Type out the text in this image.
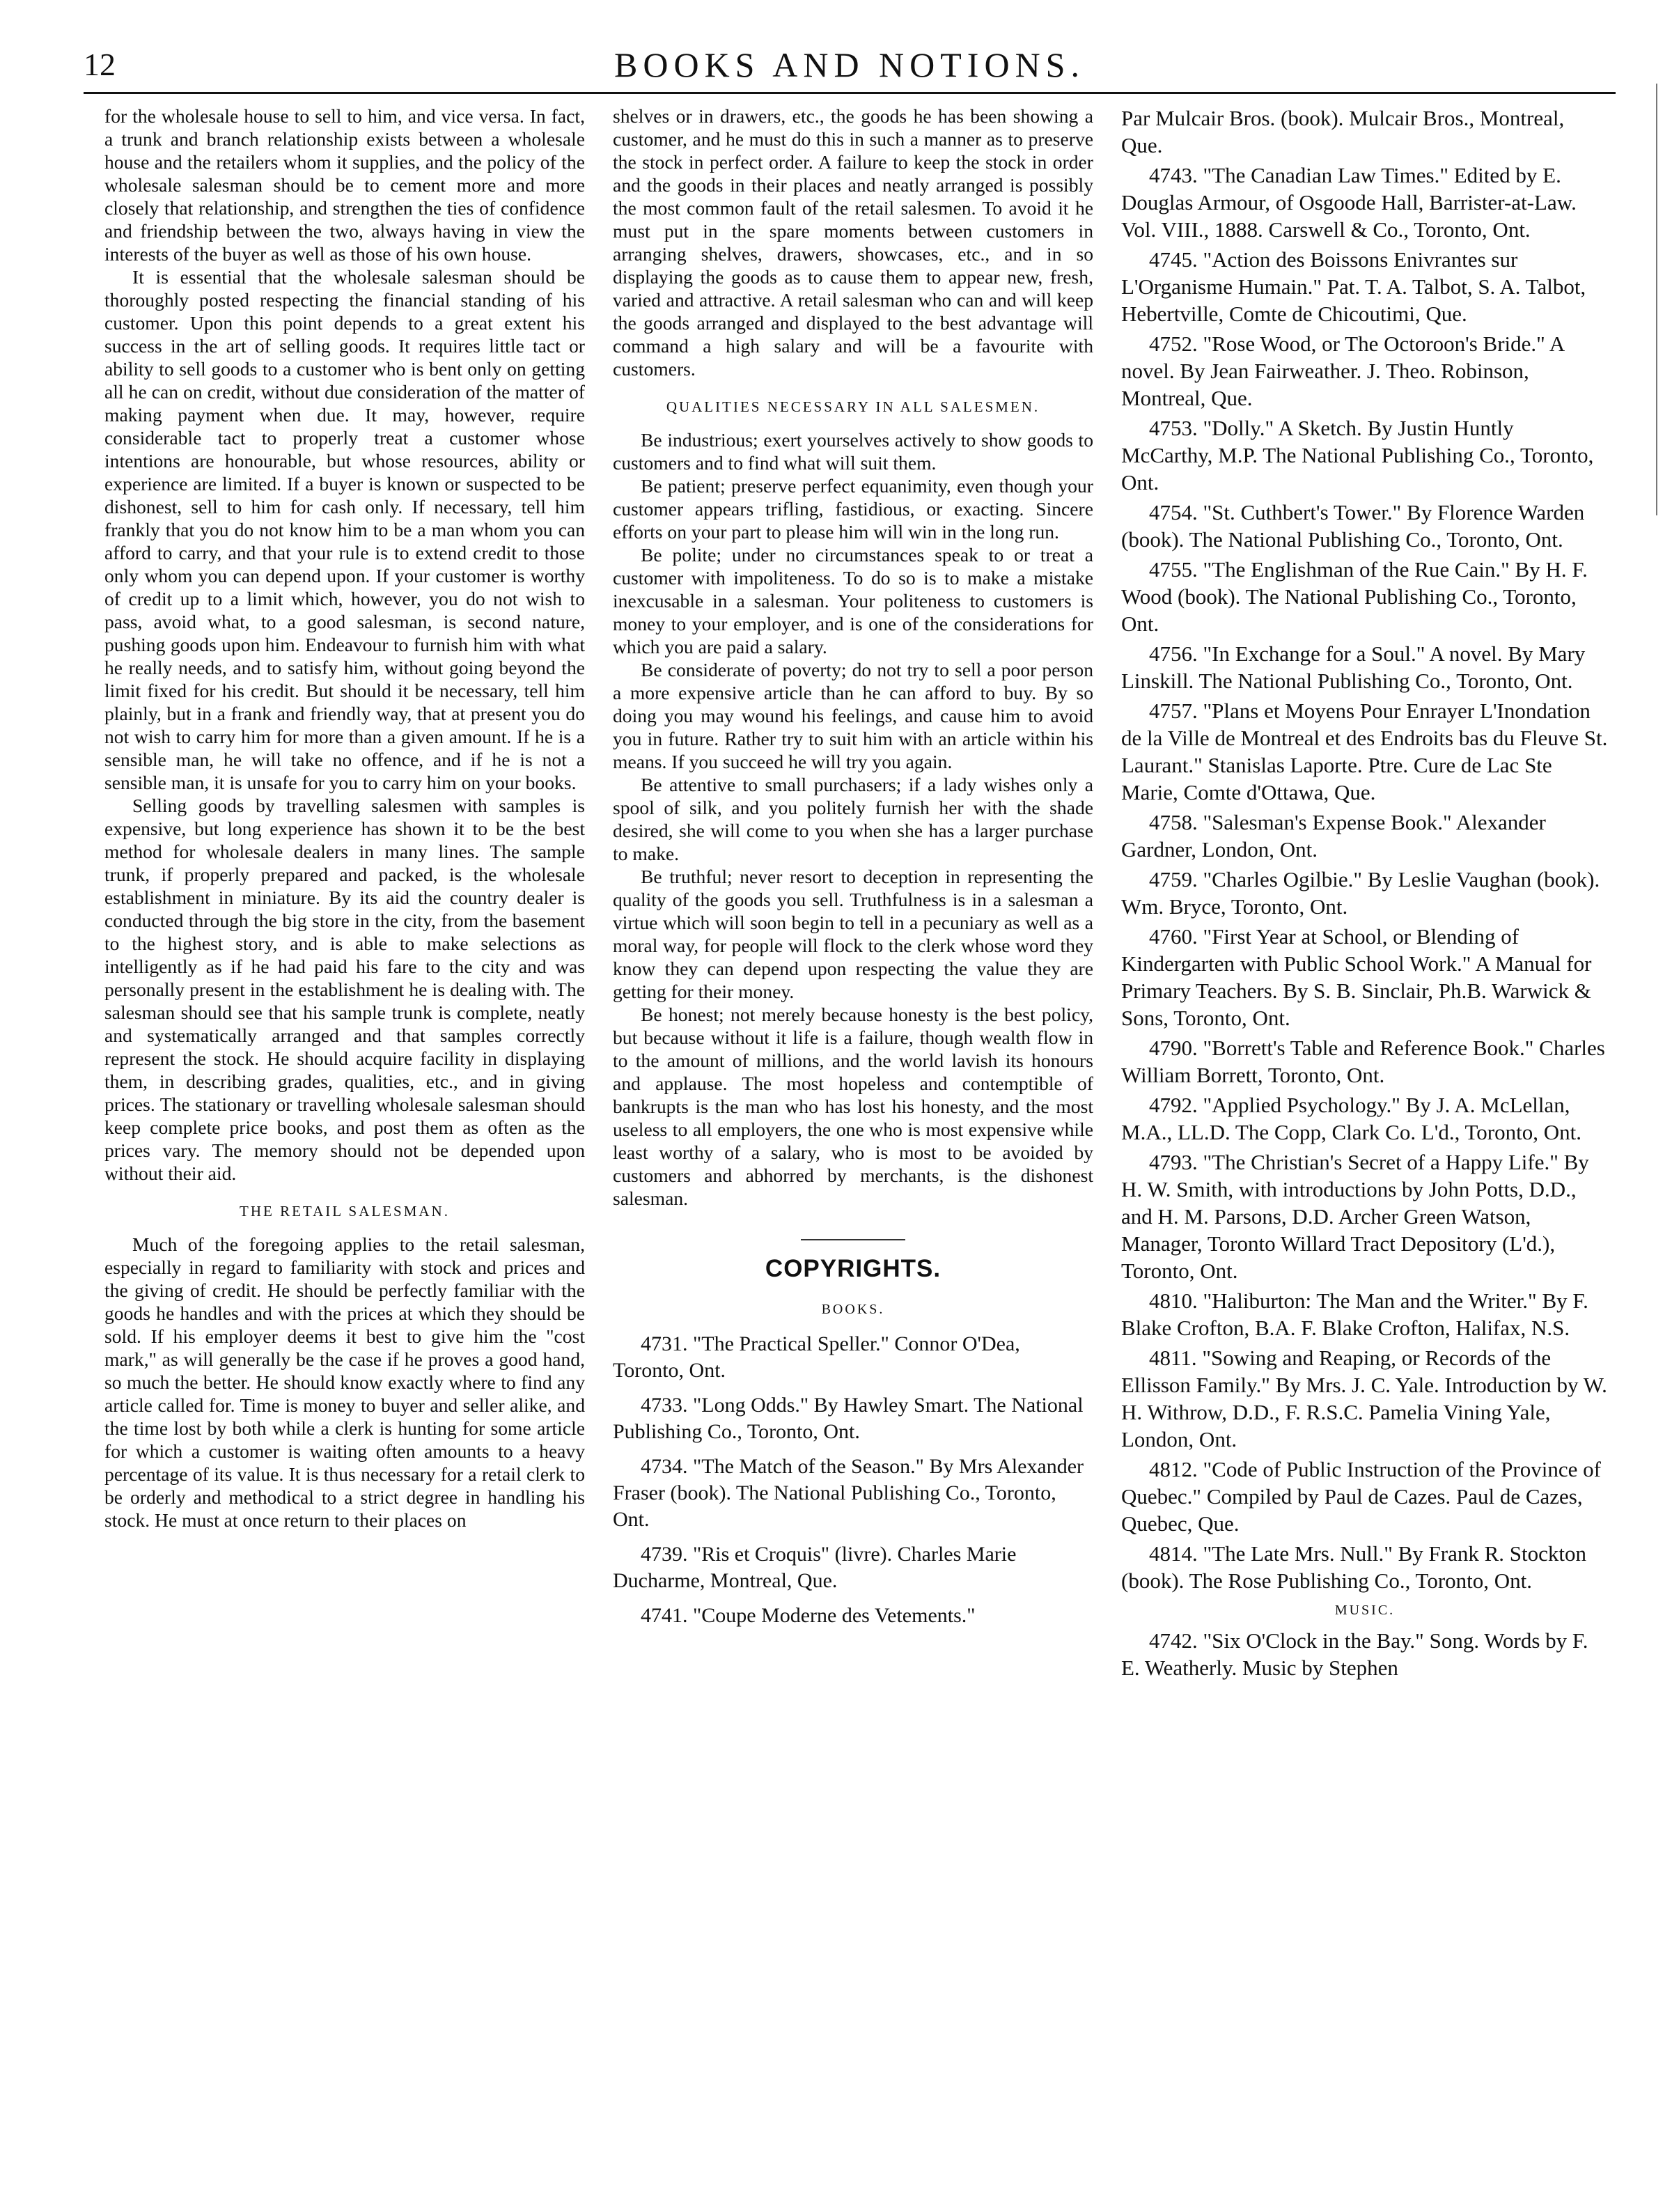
12	BOOKS AND NOTIONS.

for the wholesale house to sell to him, and vice versa. In fact, a trunk and branch relationship exists between a wholesale house and the retailers whom it supplies, and the policy of the wholesale salesman should be to cement more and more closely that relationship, and strengthen the ties of confidence and friendship between the two, always having in view the interests of the buyer as well as those of his own house.

It is essential that the wholesale salesman should be thoroughly posted respecting the financial standing of his customer. Upon this point depends to a great extent his success in the art of selling goods. It requires little tact or ability to sell goods to a customer who is bent only on getting all he can on credit, without due consideration of the matter of making payment when due. It may, however, require considerable tact to properly treat a customer whose intentions are honourable, but whose resources, ability or experience are limited. If a buyer is known or suspected to be dishonest, sell to him for cash only. If necessary, tell him frankly that you do not know him to be a man whom you can afford to carry, and that your rule is to extend credit to those only whom you can depend upon. If your customer is worthy of credit up to a limit which, however, you do not wish to pass, avoid what, to a good salesman, is second nature, pushing goods upon him. Endeavour to furnish him with what he really needs, and to satisfy him, without going beyond the limit fixed for his credit. But should it be necessary, tell him plainly, but in a frank and friendly way, that at present you do not wish to carry him for more than a given amount. If he is a sensible man, he will take no offence, and if he is not a sensible man, it is unsafe for you to carry him on your books.

Selling goods by travelling salesmen with samples is expensive, but long experience has shown it to be the best method for wholesale dealers in many lines. The sample trunk, if properly prepared and packed, is the wholesale establishment in miniature. By its aid the country dealer is conducted through the big store in the city, from the basement to the highest story, and is able to make selections as intelligently as if he had paid his fare to the city and was personally present in the establishment he is dealing with. The salesman should see that his sample trunk is complete, neatly and systematically arranged and that samples correctly represent the stock. He should acquire facility in displaying them, in describing grades, qualities, etc., and in giving prices. The stationary or travelling wholesale salesman should keep complete price books, and post them as often as the prices vary. The memory should not be depended upon without their aid.

THE RETAIL SALESMAN.

Much of the foregoing applies to the retail salesman, especially in regard to familiarity with stock and prices and the giving of credit. He should be perfectly familiar with the goods he handles and with the prices at which they should be sold. If his employer deems it best to give him the "cost mark," as will generally be the case if he proves a good hand, so much the better. He should know exactly where to find any article called for. Time is money to buyer and seller alike, and the time lost by both while a clerk is hunting for some article for which a customer is waiting often amounts to a heavy percentage of its value. It is thus necessary for a retail clerk to be orderly and methodical to a strict degree in handling his stock. He must at once return to their places on

shelves or in drawers, etc., the goods he has been showing a customer, and he must do this in such a manner as to preserve the stock in perfect order. A failure to keep the stock in order and the goods in their places and neatly arranged is possibly the most common fault of the retail salesmen. To avoid it he must put in the spare moments between customers in arranging shelves, drawers, showcases, etc., and in so displaying the goods as to cause them to appear new, fresh, varied and attractive. A retail salesman who can and will keep the goods arranged and displayed to the best advantage will command a high salary and will be a favourite with customers.

QUALITIES NECESSARY IN ALL SALESMEN.

Be industrious; exert yourselves actively to show goods to customers and to find what will suit them.

Be patient; preserve perfect equanimity, even though your customer appears trifling, fastidious, or exacting. Sincere efforts on your part to please him will win in the long run.

Be polite; under no circumstances speak to or treat a customer with impoliteness. To do so is to make a mistake inexcusable in a salesman. Your politeness to customers is money to your employer, and is one of the considerations for which you are paid a salary.

Be considerate of poverty; do not try to sell a poor person a more expensive article than he can afford to buy. By so doing you may wound his feelings, and cause him to avoid you in future. Rather try to suit him with an article within his means. If you succeed he will try you again.

Be attentive to small purchasers; if a lady wishes only a spool of silk, and you politely furnish her with the shade desired, she will come to you when she has a larger purchase to make.

Be truthful; never resort to deception in representing the quality of the goods you sell. Truthfulness is in a salesman a virtue which will soon begin to tell in a pecuniary as well as a moral way, for people will flock to the clerk whose word they know they can depend upon respecting the value they are getting for their money.

Be honest; not merely because honesty is the best policy, but because without it life is a failure, though wealth flow in to the amount of millions, and the world lavish its honours and applause. The most hopeless and contemptible of bankrupts is the man who has lost his honesty, and the most useless to all employers, the one who is most expensive while least worthy of a salary, who is most to be avoided by customers and abhorred by merchants, is the dishonest salesman.

COPYRIGHTS.

BOOKS.

4731. "The Practical Speller." Connor O'Dea, Toronto, Ont.

4733. "Long Odds." By Hawley Smart. The National Publishing Co., Toronto, Ont.

4734. "The Match of the Season." By Mrs Alexander Fraser (book). The National Publishing Co., Toronto, Ont.

4739. "Ris et Croquis" (livre). Charles Marie Ducharme, Montreal, Que.

4741. "Coupe Moderne des Vetements."

Par Mulcair Bros. (book). Mulcair Bros., Montreal, Que.

4743. "The Canadian Law Times." Edited by E. Douglas Armour, of Osgoode Hall, Barrister-at-Law. Vol. VIII., 1888. Carswell & Co., Toronto, Ont.

4745. "Action des Boissons Enivrantes sur L'Organisme Humain." Pat. T. A. Talbot, S. A. Talbot, Hebertville, Comte de Chicoutimi, Que.

4752. "Rose Wood, or The Octoroon's Bride." A novel. By Jean Fairweather. J. Theo. Robinson, Montreal, Que.

4753. "Dolly." A Sketch. By Justin Huntly McCarthy, M.P. The National Publishing Co., Toronto, Ont.

4754. "St. Cuthbert's Tower." By Florence Warden (book). The National Publishing Co., Toronto, Ont.

4755. "The Englishman of the Rue Cain." By H. F. Wood (book). The National Publishing Co., Toronto, Ont.

4756. "In Exchange for a Soul." A novel. By Mary Linskill. The National Publishing Co., Toronto, Ont.

4757. "Plans et Moyens Pour Enrayer L'Inondation de la Ville de Montreal et des Endroits bas du Fleuve St. Laurant." Stanislas Laporte. Ptre. Cure de Lac Ste Marie, Comte d'Ottawa, Que.

4758. "Salesman's Expense Book." Alexander Gardner, London, Ont.

4759. "Charles Ogilbie." By Leslie Vaughan (book). Wm. Bryce, Toronto, Ont.

4760. "First Year at School, or Blending of Kindergarten with Public School Work." A Manual for Primary Teachers. By S. B. Sinclair, Ph.B. Warwick & Sons, Toronto, Ont.

4790. "Borrett's Table and Reference Book." Charles William Borrett, Toronto, Ont.

4792. "Applied Psychology." By J. A. McLellan, M.A., LL.D. The Copp, Clark Co. L'd., Toronto, Ont.

4793. "The Christian's Secret of a Happy Life." By H. W. Smith, with introductions by John Potts, D.D., and H. M. Parsons, D.D. Archer Green Watson, Manager, Toronto Willard Tract Depository (L'd.), Toronto, Ont.

4810. "Haliburton: The Man and the Writer." By F. Blake Crofton, B.A. F. Blake Crofton, Halifax, N.S.

4811. "Sowing and Reaping, or Records of the Ellisson Family." By Mrs. J. C. Yale. Introduction by W. H. Withrow, D.D., F. R.S.C. Pamelia Vining Yale, London, Ont.

4812. "Code of Public Instruction of the Province of Quebec." Compiled by Paul de Cazes. Paul de Cazes, Quebec, Que.

4814. "The Late Mrs. Null." By Frank R. Stockton (book). The Rose Publishing Co., Toronto, Ont.

MUSIC.

4742. "Six O'Clock in the Bay." Song. Words by F. E. Weatherly. Music by Stephen
